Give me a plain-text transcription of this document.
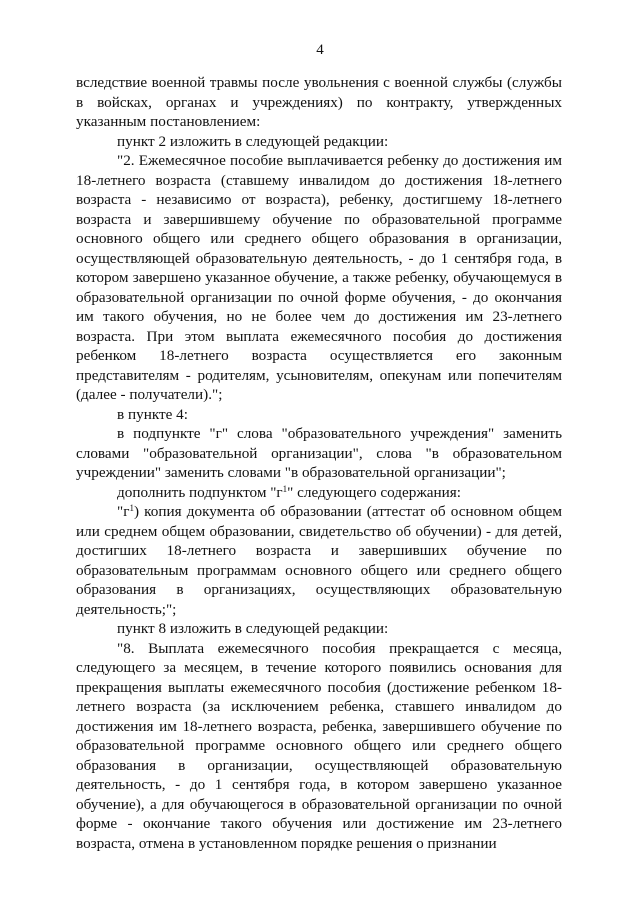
4

вследствие военной травмы после увольнения с военной службы (службы в войсках, органах и учреждениях) по контракту, утвержденных указанным постановлением:

пункт 2 изложить в следующей редакции:

"2. Ежемесячное пособие выплачивается ребенку до достижения им 18-летнего возраста (ставшему инвалидом до достижения 18-летнего возраста - независимо от возраста), ребенку, достигшему 18-летнего возраста и завершившему обучение по образовательной программе основного общего или среднего общего образования в организации, осуществляющей образовательную деятельность, - до 1 сентября года, в котором завершено указанное обучение, а также ребенку, обучающемуся в образовательной организации по очной форме обучения, - до окончания им такого обучения, но не более чем до достижения им 23-летнего возраста. При этом выплата ежемесячного пособия до достижения ребенком 18-летнего возраста осуществляется его законным представителям - родителям, усыновителям, опекунам или попечителям (далее - получатели).";

в пункте 4:

в подпункте "г" слова "образовательного учреждения" заменить словами "образовательной организации", слова "в образовательном учреждении" заменить словами "в образовательной организации";

дополнить подпунктом "$г^1$" следующего содержания:

"$г^1$) копия документа об образовании (аттестат об основном общем или среднем общем образовании, свидетельство об обучении) - для детей, достигших 18-летнего возраста и завершивших обучение по образовательным программам основного общего или среднего общего образования в организациях, осуществляющих образовательную деятельность;";

пункт 8 изложить в следующей редакции:

"8. Выплата ежемесячного пособия прекращается с месяца, следующего за месяцем, в течение которого появились основания для прекращения выплаты ежемесячного пособия (достижение ребенком 18-летнего возраста (за исключением ребенка, ставшего инвалидом до достижения им 18-летнего возраста, ребенка, завершившего обучение по образовательной программе основного общего или среднего общего образования в организации, осуществляющей образовательную деятельность, - до 1 сентября года, в котором завершено указанное обучение), а для обучающегося в образовательной организации по очной форме - окончание такого обучения или достижение им 23-летнего возраста, отмена в установленном порядке решения о признании
